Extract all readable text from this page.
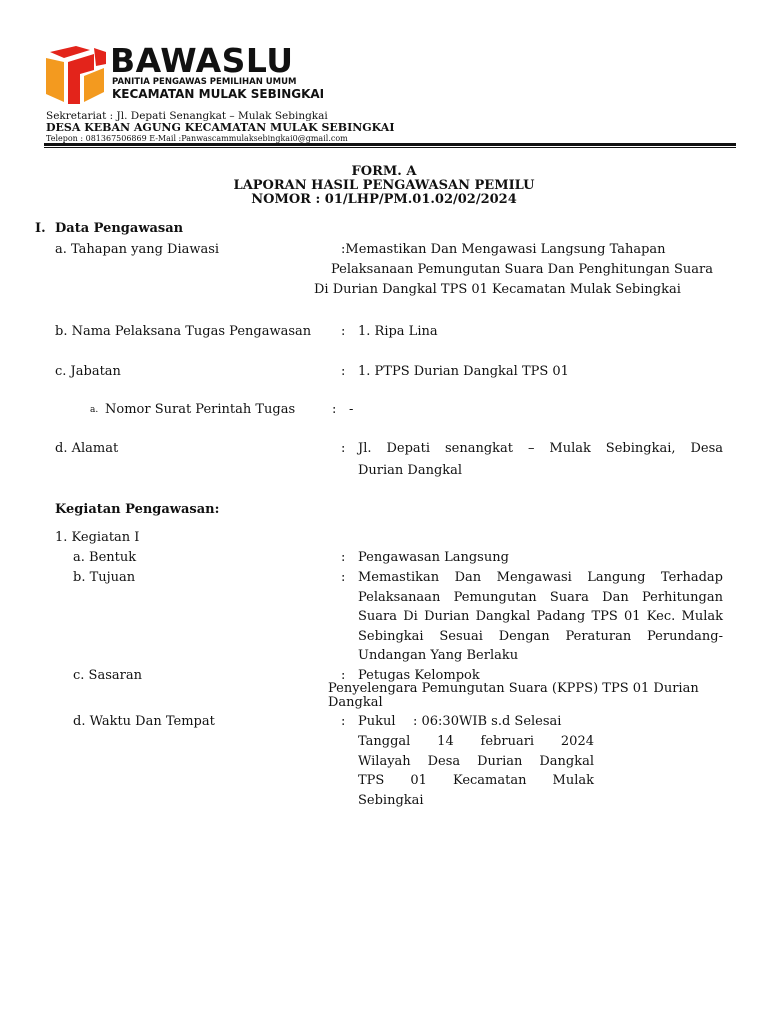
BAWASLU
PANITIA PENGAWAS PEMILIHAN UMUM
KECAMATAN MULAK SEBINGKAI
Sekretariat : Jl. Depati Senangkat – Mulak Sebingkai
DESA KEBAN AGUNG KECAMATAN MULAK SEBINGKAI
Telepon : 081367506869 E-Mail :Panwascammulaksebingkai0@gmail.com
FORM. A
LAPORAN HASIL PENGAWASAN PEMILU
NOMOR : 01/LHP/PM.01.02/02/2024
I. Data Pengawasan
a. Tahapan yang Diawasi	:Memastikan Dan Mengawasi Langsung Tahapan
Pelaksanaan Pemungutan Suara Dan Penghitungan Suara
Di Durian Dangkal TPS 01 Kecamatan Mulak Sebingkai
b. Nama Pelaksana Tugas Pengawasan : 1. Ripa Lina
c. Jabatan	: 1. PTPS Durian Dangkal TPS 01
a. Nomor Surat Perintah Tugas	: -
d. Alamat	: Jl. Depati senangkat – Mulak Sebingkai, Desa
Durian Dangkal
Kegiatan Pengawasan:
1. Kegiatan I
a. Bentuk	: Pengawasan Langsung
b. Tujuan	: Memastikan Dan Mengawasi Langung Terhadap
Pelaksanaan Pemungutan Suara Dan Perhitungan
Suara Di Durian Dangkal Padang TPS 01 Kec. Mulak
Sebingkai Sesuai Dengan Peraturan Perundang-
Undangan Yang Berlaku
c. Sasaran	: Petugas Kelompok
Penyelengara Pemungutan Suara (KPPS) TPS 01 Durian
Dangkal
d. Waktu Dan Tempat	: Pukul : 06:30WIB s.d Selesai
Tanggal 14 februari 2024
Wilayah Desa Durian Dangkal
TPS 01 Kecamatan Mulak
Sebingkai
